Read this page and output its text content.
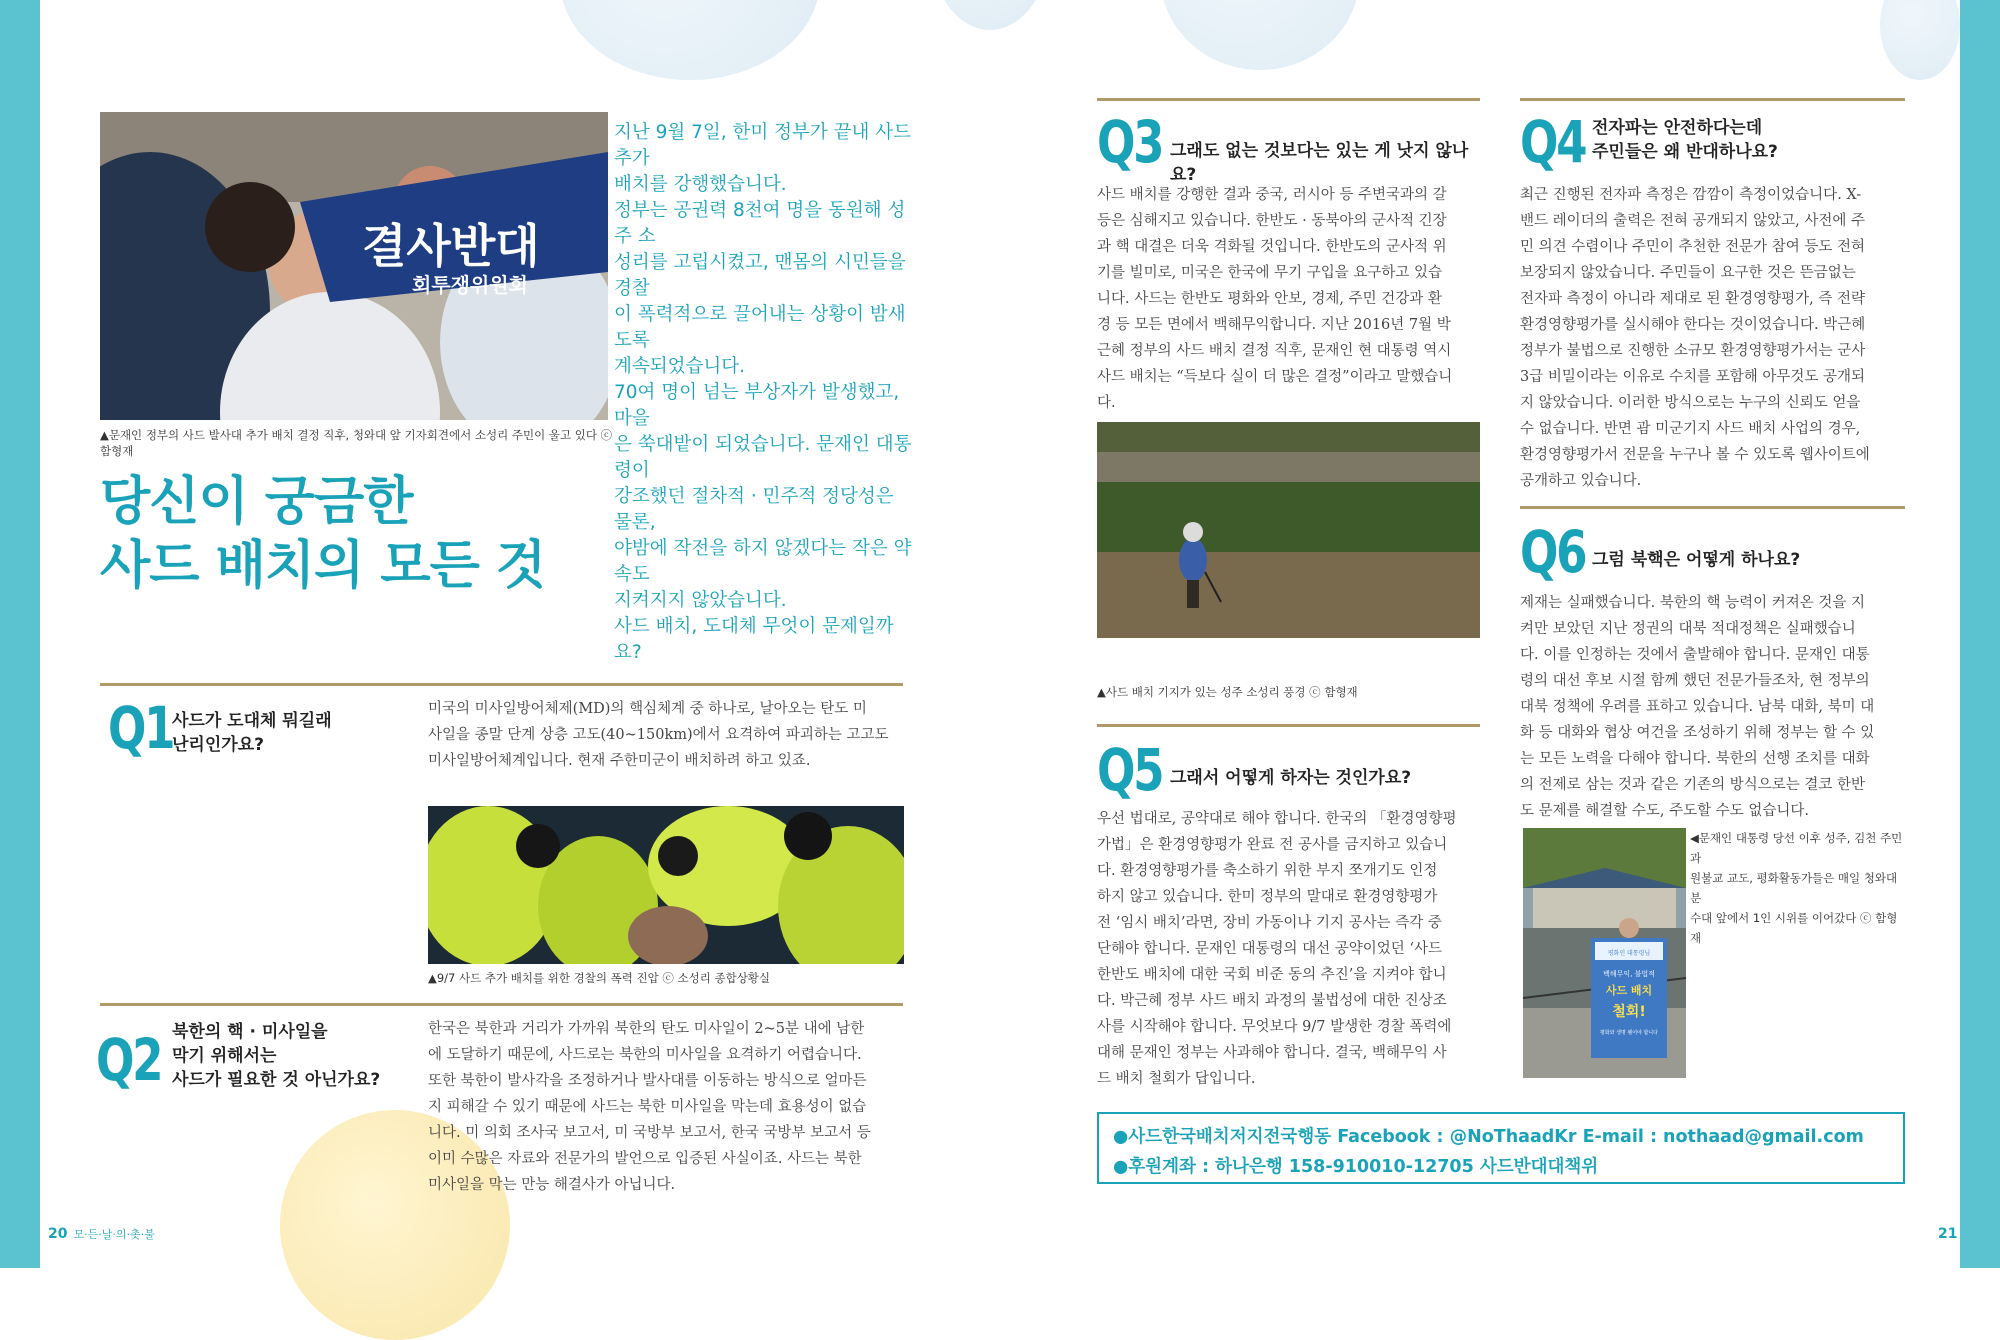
결사반대
회투쟁위원회
▲문재인 정부의 사드 발사대 추가 배치 결정 직후, 청와대 앞 기자회견에서 소성리 주민이 울고 있다 ⓒ 함형재
지난 9월 7일, 한미 정부가 끝내 사드 추가
배치를 강행했습니다.
정부는 공권력 8천여 명을 동원해 성주 소
성리를 고립시켰고, 맨몸의 시민들을 경찰
이 폭력적으로 끌어내는 상황이 밤새도록
계속되었습니다.
70여 명이 넘는 부상자가 발생했고, 마을
은 쑥대밭이 되었습니다. 문재인 대통령이
강조했던 절차적 · 민주적 정당성은 물론,
야밤에 작전을 하지 않겠다는 작은 약속도
지켜지지 않았습니다.
사드 배치, 도대체 무엇이 문제일까요?
당신이 궁금한
사드 배치의 모든 것
Q1
사드가 도대체 뭐길래
난리인가요?
미국의 미사일방어체제(MD)의 핵심체계 중 하나로, 날아오는 탄도 미
사일을 종말 단계 상층 고도(40~150km)에서 요격하여 파괴하는 고고도
미사일방어체계입니다. 현재 주한미군이 배치하려 하고 있죠.
▲9/7 사드 추가 배치를 위한 경찰의 폭력 진압 ⓒ 소성리 종합상황실
Q2 북한의 핵 · 미사일을
막기 위해서는
사드가 필요한 것 아닌가요?
한국은 북한과 거리가 가까워 북한의 탄도 미사일이 2~5분 내에 남한
에 도달하기 때문에, 사드로는 북한의 미사일을 요격하기 어렵습니다.
또한 북한이 발사각을 조정하거나 발사대를 이동하는 방식으로 얼마든
지 피해갈 수 있기 때문에 사드는 북한 미사일을 막는데 효용성이 없습
니다. 미 의회 조사국 보고서, 미 국방부 보고서, 한국 국방부 보고서 등
이미 수많은 자료와 전문가의 발언으로 입증된 사실이죠. 사드는 북한
미사일을 막는 만능 해결사가 아닙니다.
20 모·든·날·의·촛·불
Q3 그래도 없는 것보다는 있는 게 낫지 않나요?
사드 배치를 강행한 결과 중국, 러시아 등 주변국과의 갈
등은 심해지고 있습니다. 한반도 · 동북아의 군사적 긴장
과 핵 대결은 더욱 격화될 것입니다. 한반도의 군사적 위
기를 빌미로, 미국은 한국에 무기 구입을 요구하고 있습
니다. 사드는 한반도 평화와 안보, 경제, 주민 건강과 환
경 등 모든 면에서 백해무익합니다. 지난 2016년 7월 박
근혜 정부의 사드 배치 결정 직후, 문재인 현 대통령 역시
사드 배치는 “득보다 실이 더 많은 결정”이라고 말했습니
다.
▲사드 배치 기지가 있는 성주 소성리 풍경 ⓒ 함형재
Q5 그래서 어떻게 하자는 것인가요?
우선 법대로, 공약대로 해야 합니다. 한국의 「환경영향평
가법」은 환경영향평가 완료 전 공사를 금지하고 있습니
다. 환경영향평가를 축소하기 위한 부지 쪼개기도 인정
하지 않고 있습니다. 한미 정부의 말대로 환경영향평가
전 ‘임시 배치’라면, 장비 가동이나 기지 공사는 즉각 중
단해야 합니다. 문재인 대통령의 대선 공약이었던 ‘사드
한반도 배치에 대한 국회 비준 동의 추진’을 지켜야 합니
다. 박근혜 정부 사드 배치 과정의 불법성에 대한 진상조
사를 시작해야 합니다. 무엇보다 9/7 발생한 경찰 폭력에
대해 문재인 정부는 사과해야 합니다. 결국, 백해무익 사
드 배치 철회가 답입니다.
Q4 전자파는 안전하다는데
주민들은 왜 반대하나요?
최근 진행된 전자파 측정은 깜깜이 측정이었습니다. X-
밴드 레이더의 출력은 전혀 공개되지 않았고, 사전에 주
민 의견 수렴이나 주민이 추천한 전문가 참여 등도 전혀
보장되지 않았습니다. 주민들이 요구한 것은 뜬금없는
전자파 측정이 아니라 제대로 된 환경영향평가, 즉 전략
환경영향평가를 실시해야 한다는 것이었습니다. 박근혜
정부가 불법으로 진행한 소규모 환경영향평가서는 군사
3급 비밀이라는 이유로 수치를 포함해 아무것도 공개되
지 않았습니다. 이러한 방식으로는 누구의 신뢰도 얻을
수 없습니다. 반면 괌 미군기지 사드 배치 사업의 경우,
환경영향평가서 전문을 누구나 볼 수 있도록 웹사이트에
공개하고 있습니다.
Q6 그럼 북핵은 어떻게 하나요?
제재는 실패했습니다. 북한의 핵 능력이 커져온 것을 지
켜만 보았던 지난 정권의 대북 적대정책은 실패했습니
다. 이를 인정하는 것에서 출발해야 합니다. 문재인 대통
령의 대선 후보 시절 함께 했던 전문가들조차, 현 정부의
대북 정책에 우려를 표하고 있습니다. 남북 대화, 북미 대
화 등 대화와 협상 여건을 조성하기 위해 정부는 할 수 있
는 모든 노력을 다해야 합니다. 북한의 선행 조치를 대화
의 전제로 삼는 것과 같은 기존의 방식으로는 결코 한반
도 문제를 해결할 수도, 주도할 수도 없습니다.
평화인 대통령님
백해무익, 불법적
사드 배치
철회!
평화와 생명 웰어야 합니다
◀문재인 대통령 당선 이후 성주, 김천 주민과
원불교 교도, 평화활동가들은 매일 청와대 분
수대 앞에서 1인 시위를 이어갔다 ⓒ 함형재
●사드한국배치저지전국행동 Facebook : @NoThaadKr E-mail : nothaad@gmail.com
●후원계좌 : 하나은행 158-910010-12705 사드반대대책위
21
